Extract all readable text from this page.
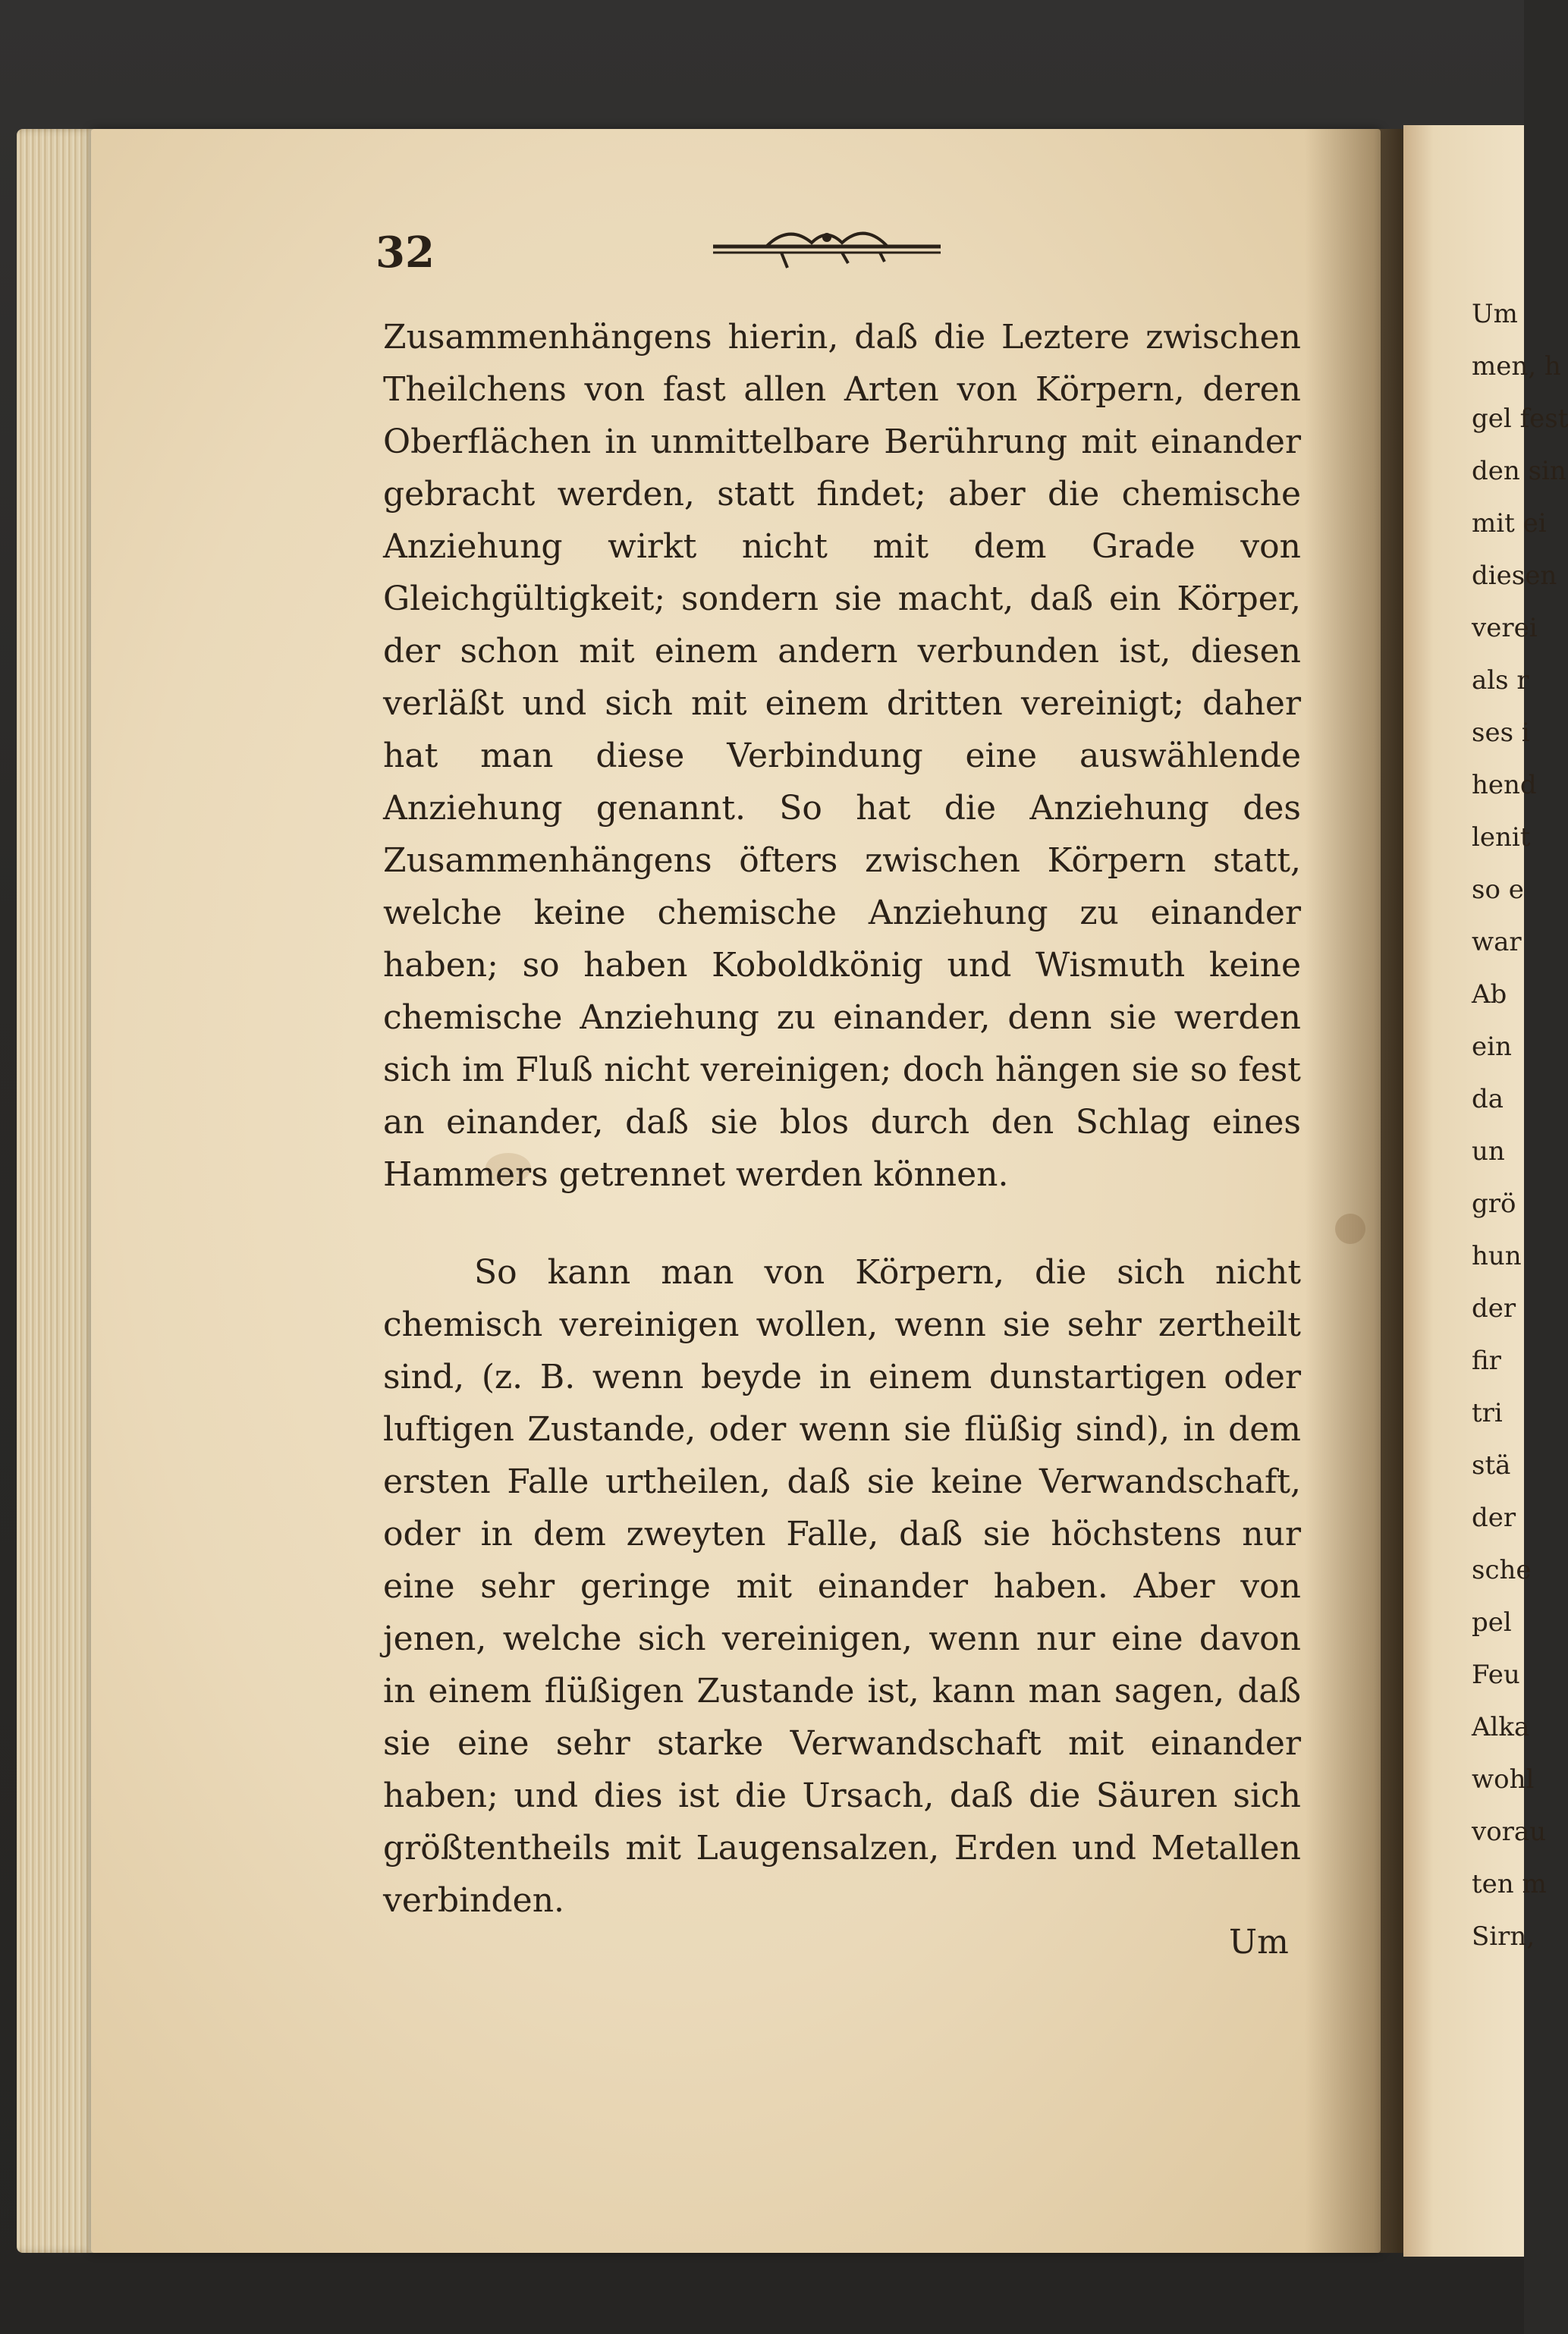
32

Zusammenhängens hierin, daß die Leztere zwischen Theilchens von fast allen Arten von Körpern, deren Oberflächen in unmittelbare Berührung mit einander gebracht werden, statt findet; aber die chemische Anziehung wirkt nicht mit dem Grade von Gleichgültigkeit; sondern sie macht, daß ein Körper, der schon mit einem andern verbunden ist, diesen verläßt und sich mit einem dritten vereinigt; daher hat man diese Verbindung eine auswählende Anziehung genannt. So hat die Anziehung des Zusammenhängens öfters zwischen Körpern statt, welche keine chemische Anziehung zu einander haben; so haben Koboldkönig und Wismuth keine chemische Anziehung zu einander, denn sie werden sich im Fluß nicht vereinigen; doch hängen sie so fest an einander, daß sie blos durch den Schlag eines Hammers getrennet werden können.

So kann man von Körpern, die sich nicht chemisch vereinigen wollen, wenn sie sehr zertheilt sind, (z. B. wenn beyde in einem dunstartigen oder luftigen Zustande, oder wenn sie flüßig sind), in dem ersten Falle urtheilen, daß sie keine Verwandschaft, oder in dem zweyten Falle, daß sie höchstens nur eine sehr geringe mit einander haben. Aber von jenen, welche sich vereinigen, wenn nur eine davon in einem flüßigen Zustande ist, kann man sagen, daß sie eine sehr starke Verwandschaft mit einander haben; und dies ist die Ursach, daß die Säuren sich größtentheils mit Laugensalzen, Erden und Metallen verbinden.

Um
Um
men, h
gel fest
den sin
mit ei
diesen
verei
als r
ses i
hend
lenit
so e
war
Ab
ein
da
un
grö
hun
der
fir
tri
stä
der
sche
pel
Feu
Alka
wohl
vorau
ten m
Sirn,
